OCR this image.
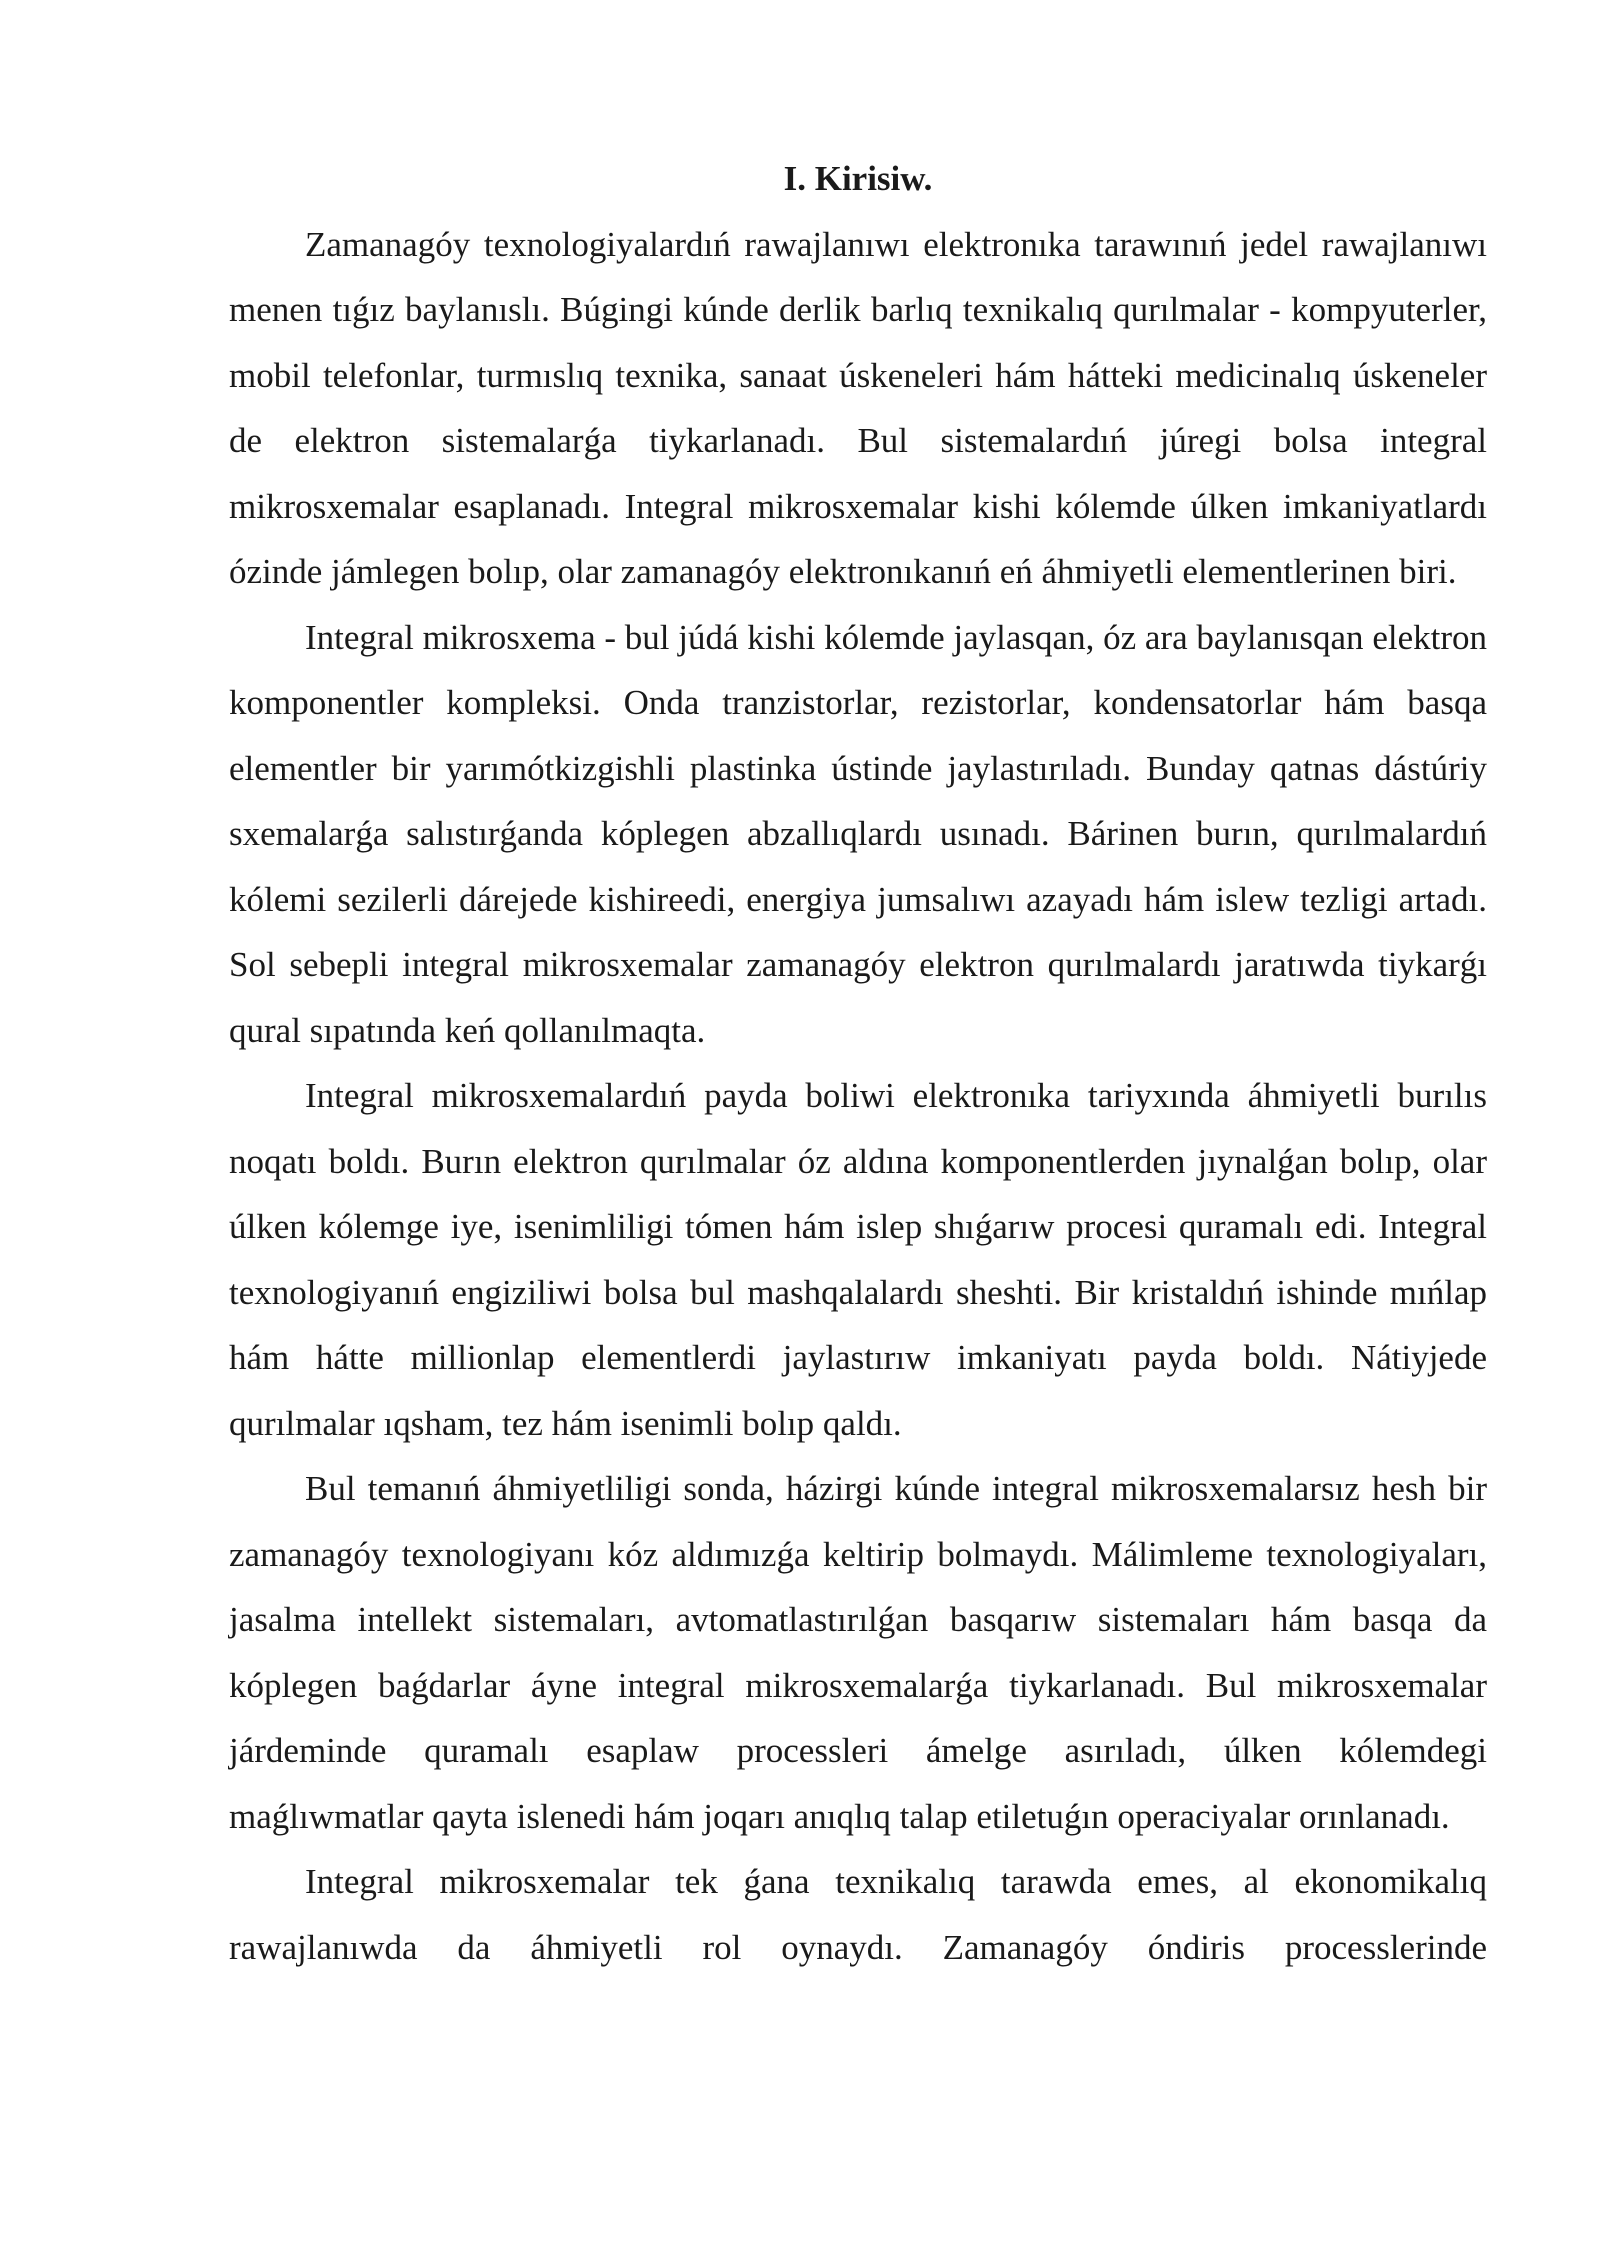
I. Kirisiw.

Zamanagóy texnologiyalardıń rawajlanıwı elektronıka tarawınıń jedel rawajlanıwı menen tıǵız baylanıslı. Búgingi kúnde derlik barlıq texnikalıq qurılmalar - kompyuterler, mobil telefonlar, turmıslıq texnika, sanaat úskeneleri hám hátteki medicinalıq úskeneler de elektron sistemalarǵa tiykarlanadı. Bul sistemalardıń júregi bolsa integral mikrosxemalar esaplanadı. Integral mikrosxemalar kishi kólemde úlken imkaniyatlardı ózinde jámlegen bolıp, olar zamanagóy elektronıkanıń eń áhmiyetli elementlerinen biri.

Integral mikrosxema - bul júdá kishi kólemde jaylasqan, óz ara baylanısqan elektron komponentler kompleksi. Onda tranzistorlar, rezistorlar, kondensatorlar hám basqa elementler bir yarımótkizgishli plastinka ústinde jaylastırıladı. Bunday qatnas dástúriy sxemalarǵa salıstırǵanda kóplegen abzallıqlardı usınadı. Bárinen burın, qurılmalardıń kólemi sezilerli dárejede kishireedi, energiya jumsalıwı azayadı hám islew tezligi artadı. Sol sebepli integral mikrosxemalar zamanagóy elektron qurılmalardı jaratıwda tiykarǵı qural sıpatında keń qollanılmaqta.

Integral mikrosxemalardıń payda boliwi elektronıka tariyxında áhmiyetli burılıs noqatı boldı. Burın elektron qurılmalar óz aldına komponentlerden jıynalǵan bolıp, olar úlken kólemge iye, isenimliligi tómen hám islep shıǵarıw procesi quramalı edi. Integral texnologiyanıń engiziliwi bolsa bul mashqalalardı sheshti. Bir kristaldıń ishinde mıńlap hám hátte millionlap elementlerdi jaylastırıw imkaniyatı payda boldı. Nátiyjede qurılmalar ıqsham, tez hám isenimli bolıp qaldı.

Bul temanıń áhmiyetliligi sonda, házirgi kúnde integral mikrosxemalarsız hesh bir zamanagóy texnologiyanı kóz aldımızǵa keltirip bolmaydı. Málimleme texnologiyaları, jasalma intellekt sistemaları, avtomatlastırılǵan basqarıw sistemaları hám basqa da kóplegen baǵdarlar áyne integral mikrosxemalarǵa tiykarlanadı. Bul mikrosxemalar járdeminde quramalı esaplaw processleri ámelge asırıladı, úlken kólemdegi maǵlıwmatlar qayta islenedi hám joqarı anıqlıq talap etiletuǵın operaciyalar orınlanadı.

Integral mikrosxemalar tek ǵana texnikalıq tarawda emes, al ekonomikalıq rawajlanıwda da áhmiyetli rol oynaydı. Zamanagóy óndiris processlerinde
